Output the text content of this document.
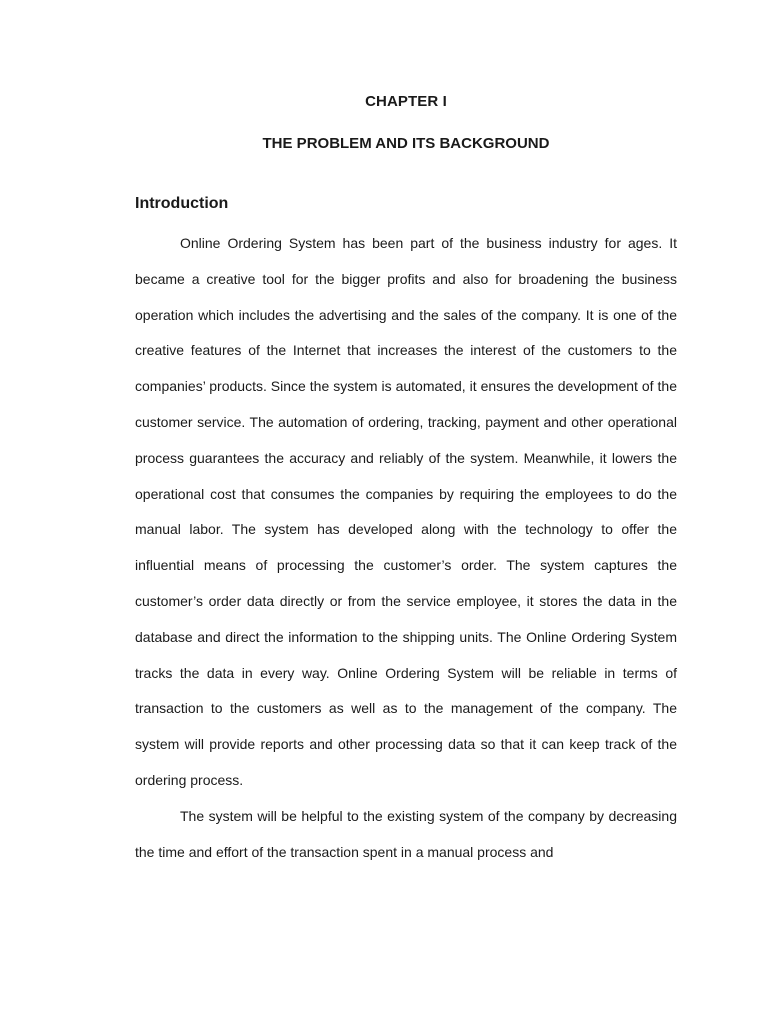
CHAPTER I
THE PROBLEM AND ITS BACKGROUND
Introduction

Online Ordering System has been part of the business industry for ages. It became a creative tool for the bigger profits and also for broadening the business operation which includes the advertising and the sales of the company. It is one of the creative features of the Internet that increases the interest of the customers to the companies’ products. Since the system is automated, it ensures the development of the customer service. The automation of ordering, tracking, payment and other operational process guarantees the accuracy and reliably of the system. Meanwhile, it lowers the operational cost that consumes the companies by requiring the employees to do the manual labor. The system has developed along with the technology to offer the influential means of processing the customer’s order. The system captures the customer’s order data directly or from the service employee, it stores the data in the database and direct the information to the shipping units. The Online Ordering System tracks the data in every way. Online Ordering System will be reliable in terms of transaction to the customers as well as to the management of the company. The system will provide reports and other processing data so that it can keep track of the ordering process.

The system will be helpful to the existing system of the company by decreasing the time and effort of the transaction spent in a manual process and
